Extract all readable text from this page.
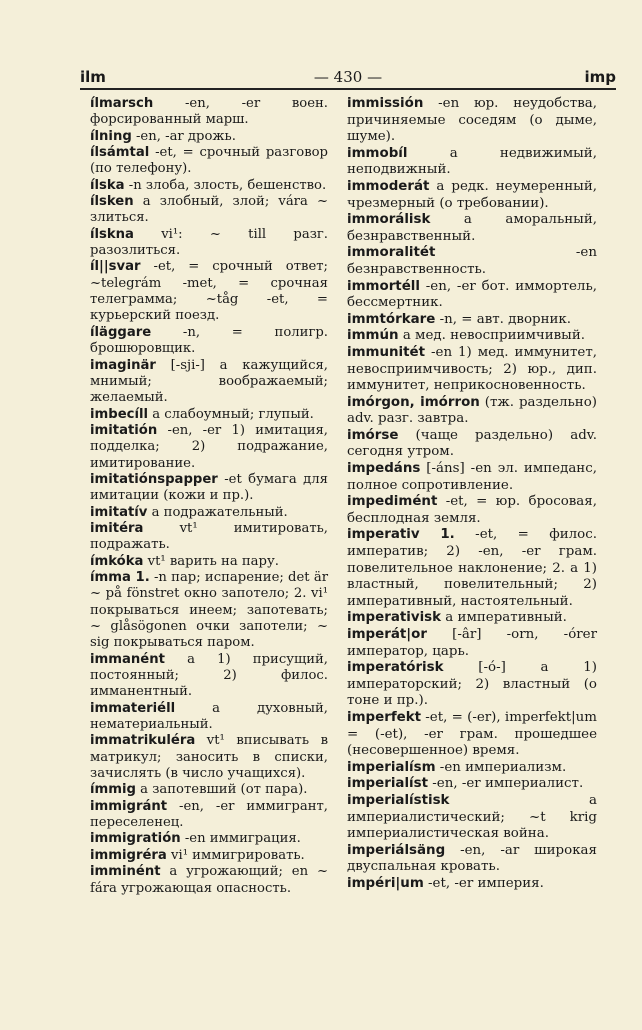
ilm	— 430 —	imp

ílmarsch -en, -er воен. форсированный марш.

ílning -en, -ar дрожь.

ílsámtal -et, = срочный разговор (по телефону).

ílska -n злоба, злость, бешенство.

ílsken a злобный, злой; vára ~ злиться.

ílskna vi¹: ~ till разг. разозлиться.

íl||svar -et, = срочный ответ; ~telegrám -met, = срочная телеграмма; ~tåg -et, = курьерский поезд.

íläggare -n, = полигр. брошюровщик.

imaginär [-sji-] a кажущийся, мнимый; воображаемый; желаемый.

imbecíll a слабоумный; глупый.

imitatión -en, -er 1) имитация, подделка; 2) подражание, имитирование.

imitatiónspapper -et бумага для имитации (кожи и пр.).

imitatív a подражательный.

imitéra vt¹ имитировать, подражать.

ímkóka vt¹ варить на пару.

ímma 1. -n пар; испарение; det är ~ på fönstret окно запотело; 2. vi¹ покрываться инеем; запотевать; ~ glåsögonen очки запотели; ~ sig покрываться паром.

immanént a 1) присущий, постоянный; 2) филос. имманентный.

immateriéll a духовный, нематериальный.

immatrikuléra vt¹ вписывать в матрикул; заносить в списки, зачислять (в число учащихся).

ímmig a запотевший (от пара).

immigránt -en, -er иммигрант, переселенец.

immigratión -en иммиграция.

immigréra vi¹ иммигрировать.

imminént a угрожающий; en ~ fára угрожающая опасность.

immissión -en юр. неудобства, причиняемые соседям (о дыме, шуме).

immobíl a недвижимый, неподвижный.

immoderát a редк. неумеренный, чрезмерный (о требовании).

immorálisk a аморальный, безнравственный.

immoralitét -en безнравственность.

immortéll -en, -er бот. иммортель, бессмертник.

immtórkare -n, = авт. дворник.

immún a мед. невосприимчивый.

immunitét -en 1) мед. иммунитет, невосприимчивость; 2) юр., дип. иммунитет, неприкосновенность.

imórgon, imórron (тж. раздельно) adv. разг. завтра.

imórse (чаще раздельно) adv. сегодня утром.

impedáns [-áns] -en эл. импеданс, полное сопротивление.

impedimént -et, = юр. бросовая, бесплодная земля.

imperativ 1. -et, = филос. императив; 2) -en, -er грам. повелительное наклонение; 2. a 1) властный, повелительный; 2) императивный, настоятельный.

imperativisk a императивный.

imperát|or [-âr] -orn, -órer император, царь.

imperatórisk [-ó-] a 1) императорский; 2) властный (о тоне и пр.).

imperfekt -et, = (-er), imperfekt|um = (-et), -er грам. прошедшее (несовершенное) время.

imperialísm -en империализм.

imperialíst -en, -er империалист.

imperialístisk a империалистический; ~t krig империалистическая война.

imperiálsäng -en, -ar широкая двуспальная кровать.

impéri|um -et, -er империя.
